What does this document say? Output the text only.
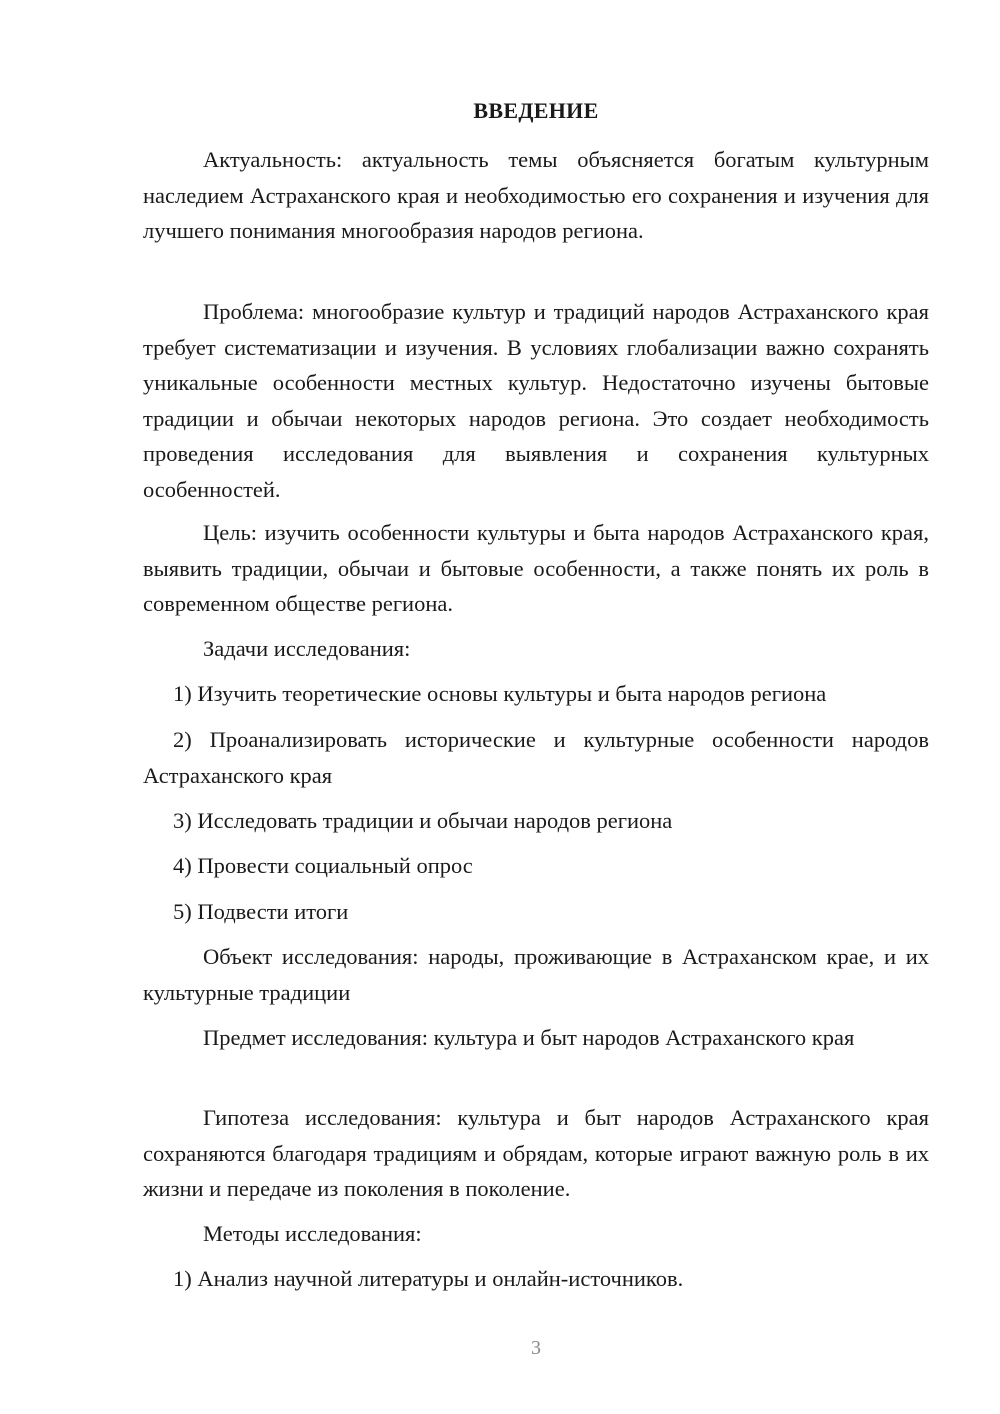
ВВЕДЕНИЕ

Актуальность: актуальность темы объясняется богатым культурным наследием Астраханского края и необходимостью его сохранения и изучения для лучшего понимания многообразия народов региона.

Проблема: многообразие культур и традиций народов Астраханского края требует систематизации и изучения. В условиях глобализации важно сохранять уникальные особенности местных культур. Недостаточно изучены бытовые традиции и обычаи некоторых народов региона. Это создает необходимость проведения исследования для выявления и сохранения культурных особенностей.

Цель: изучить особенности культуры и быта народов Астраханского края, выявить традиции, обычаи и бытовые особенности, а также понять их роль в современном обществе региона.

Задачи исследования:

1) Изучить теоретические основы культуры и быта народов региона

2) Проанализировать исторические и культурные особенности народов Астраханского края

3) Исследовать традиции и обычаи народов региона

4) Провести социальный опрос

5) Подвести итоги

Объект исследования: народы, проживающие в Астраханском крае, и их культурные традиции

Предмет исследования: культура и быт народов Астраханского края

Гипотеза исследования: культура и быт народов Астраханского края сохраняются благодаря традициям и обрядам, которые играют важную роль в их жизни и передаче из поколения в поколение.

Методы исследования:

1) Анализ научной литературы и онлайн-источников.

3
